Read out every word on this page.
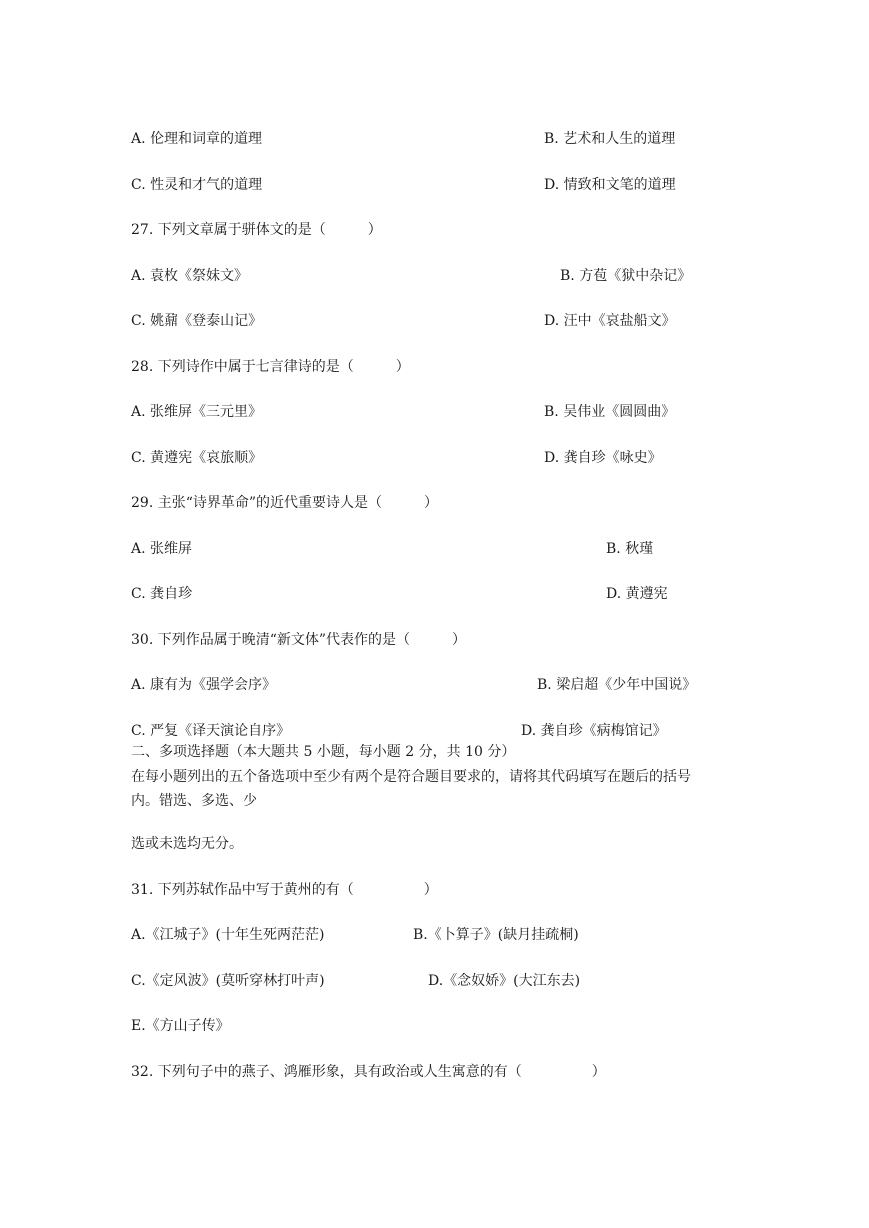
A. 伦理和词章的道理	B. 艺术和人生的道理
C. 性灵和才气的道理	D. 情致和文笔的道理
27. 下列文章属于骈体文的是（　　　）
A. 袁枚《祭妹文》	B. 方苞《狱中杂记》
C. 姚鼐《登泰山记》	D. 汪中《哀盐船文》
28. 下列诗作中属于七言律诗的是（　　　）
A. 张维屏《三元里》	B. 吴伟业《圆圆曲》
C. 黄遵宪《哀旅顺》	D. 龚自珍《咏史》
29. 主张“诗界革命”的近代重要诗人是（　　　）
A. 张维屏	B. 秋瑾
C. 龚自珍	D. 黄遵宪
30. 下列作品属于晚清“新文体”代表作的是（　　　）
A. 康有为《强学会序》	B. 梁启超《少年中国说》
C. 严复《译天演论自序》	D. 龚自珍《病梅馆记》
二、多项选择题（本大题共 5 小题，每小题 2 分，共 10 分）
在每小题列出的五个备选项中至少有两个是符合题目要求的，请将其代码填写在题后的括号
内。错选、多选、少
选或未选均无分。
31. 下列苏轼作品中写于黄州的有（　　　　　）
A.《江城子》(十年生死两茫茫)	B.《卜算子》(缺月挂疏桐)
C.《定风波》(莫听穿林打叶声)	D.《念奴娇》(大江东去)
E.《方山子传》
32. 下列句子中的燕子、鸿雁形象，具有政治或人生寓意的有（　　　　　）
